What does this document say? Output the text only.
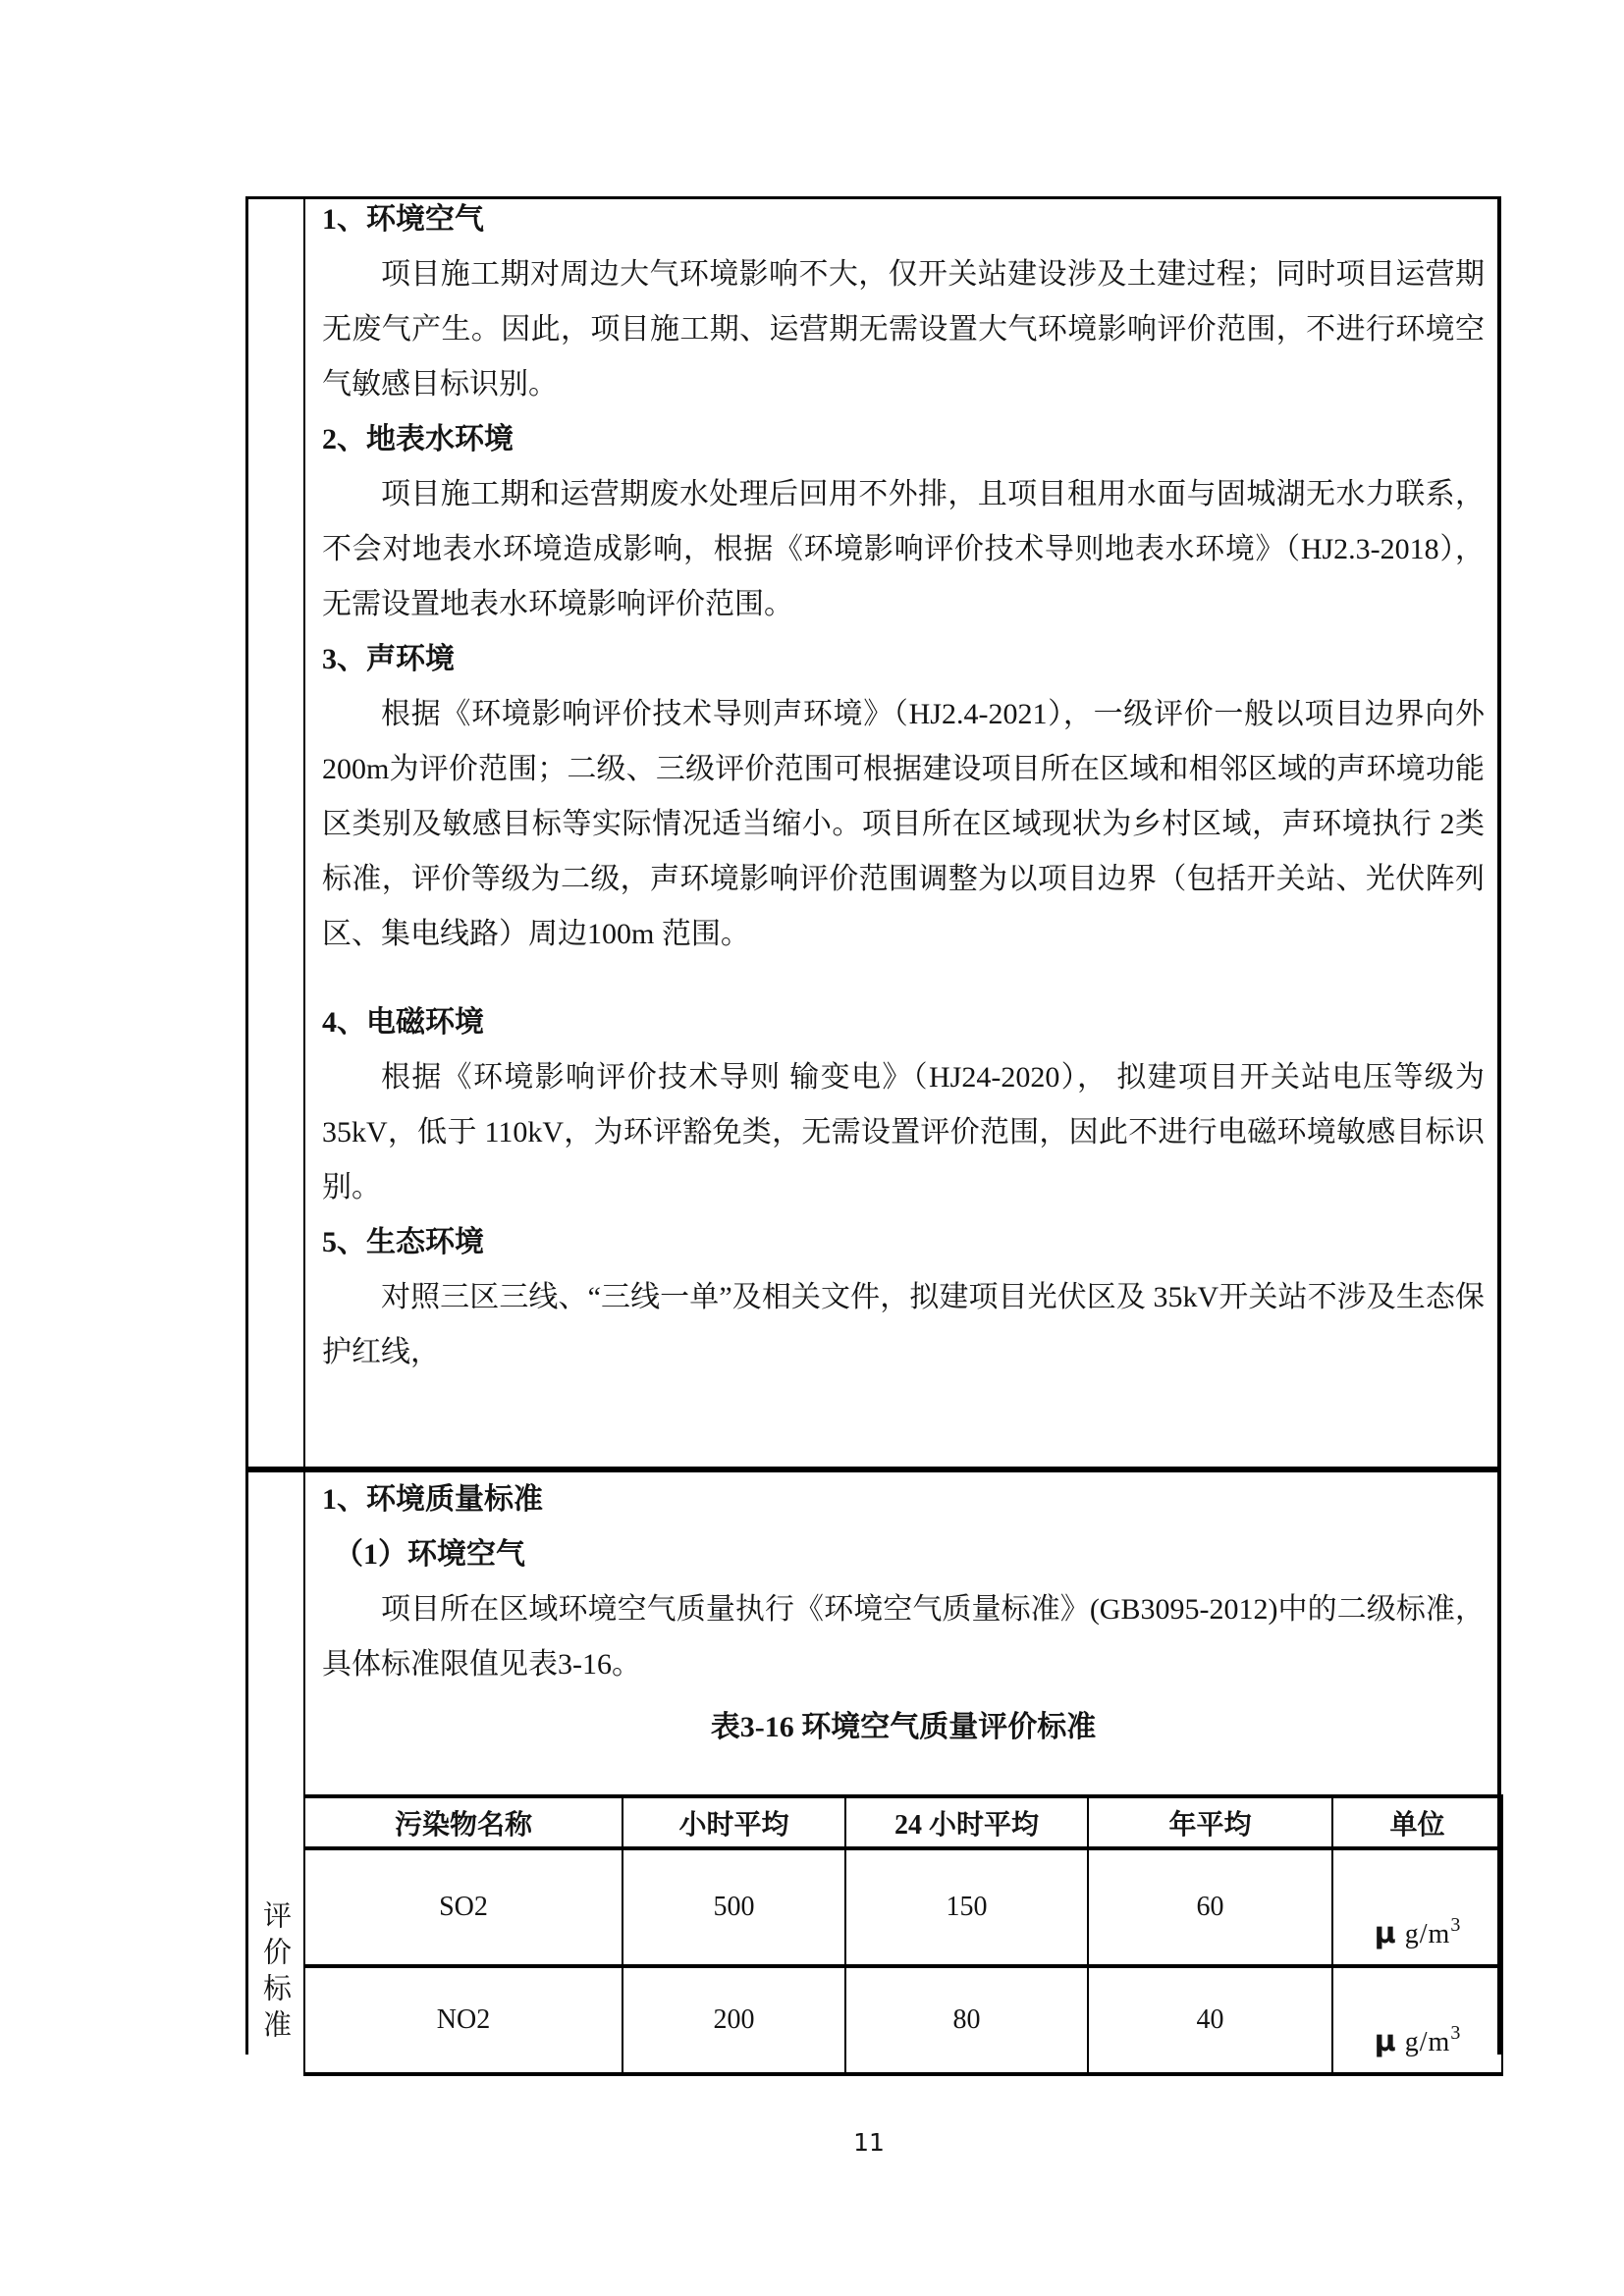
1、环境空气
项目施工期对周边大气环境影响不大，仅开关站建设涉及土建过程；同时项目运营期无废气产生。因此，项目施工期、运营期无需设置大气环境影响评价范围，不进行环境空气敏感目标识别。
2、地表水环境
项目施工期和运营期废水处理后回用不外排，且项目租用水面与固城湖无水力联系，不会对地表水环境造成影响，根据《环境影响评价技术导则地表水环境》（HJ2.3-2018），无需设置地表水环境影响评价范围。
3、声环境
根据《环境影响评价技术导则声环境》（HJ2.4-2021），一级评价一般以项目边界向外 200m为评价范围；二级、三级评价范围可根据建设项目所在区域和相邻区域的声环境功能区类别及敏感目标等实际情况适当缩小。项目所在区域现状为乡村区域，声环境执行 2类标准，评价等级为二级，声环境影响评价范围调整为以项目边界（包括开关站、光伏阵列区、集电线路）周边100m 范围。
4、电磁环境
根据《环境影响评价技术导则 输变电》（HJ24-2020）， 拟建项目开关站电压等级为35kV，低于 110kV，为环评豁免类，无需设置评价范围，因此不进行电磁环境敏感目标识别。
5、生态环境
对照三区三线、“三线一单”及相关文件，拟建项目光伏区及 35kV开关站不涉及生态保护红线，
评价标准
1、环境质量标准
（1）环境空气
项目所在区域环境空气质量执行《环境空气质量标准》(GB3095-2012)中的二级标准，具体标准限值见表3-16。
表3-16 环境空气质量评价标准
污染物名称	小时平均	24 小时平均	年平均	单位
SO2	500	150	60	μ $g/m^3$
NO2	200	80	40	μ $g/m^3$
11
